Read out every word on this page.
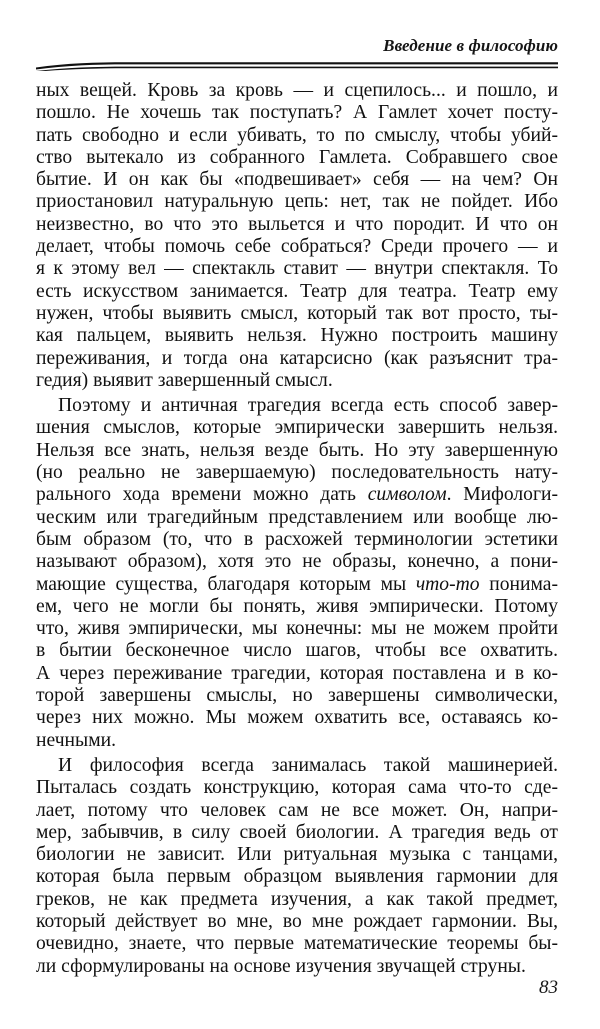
Введение в философию
ных вещей. Кровь за кровь — и сцепилось... и пошло, и
пошло. Не хочешь так поступать? А Гамлет хочет посту-
пать свободно и если убивать, то по смыслу, чтобы убий-
ство вытекало из собранного Гамлета. Собравшего свое
бытие. И он как бы «подвешивает» себя — на чем? Он
приостановил натуральную цепь: нет, так не пойдет. Ибо
неизвестно, во что это выльется и что породит. И что он
делает, чтобы помочь себе собраться? Среди прочего — и
я к этому вел — спектакль ставит — внутри спектакля. То
есть искусством занимается. Театр для театра. Театр ему
нужен, чтобы выявить смысл, который так вот просто, ты-
кая пальцем, выявить нельзя. Нужно построить машину
переживания, и тогда она катарсисно (как разъяснит тра-
гедия) выявит завершенный смысл.
Поэтому и античная трагедия всегда есть способ завер-
шения смыслов, которые эмпирически завершить нельзя.
Нельзя все знать, нельзя везде быть. Но эту завершенную
(но реально не завершаемую) последовательность нату-
рального хода времени можно дать символом. Мифологи-
ческим или трагедийным представлением или вообще лю-
бым образом (то, что в расхожей терминологии эстетики
называют образом), хотя это не образы, конечно, а пони-
мающие существа, благодаря которым мы что-то понима-
ем, чего не могли бы понять, живя эмпирически. Потому
что, живя эмпирически, мы конечны: мы не можем пройти
в бытии бесконечное число шагов, чтобы все охватить.
А через переживание трагедии, которая поставлена и в ко-
торой завершены смыслы, но завершены символически,
через них можно. Мы можем охватить все, оставаясь ко-
нечными.
И философия всегда занималась такой машинерией.
Пыталась создать конструкцию, которая сама что-то сде-
лает, потому что человек сам не все может. Он, напри-
мер, забывчив, в силу своей биологии. А трагедия ведь от
биологии не зависит. Или ритуальная музыка с танцами,
которая была первым образцом выявления гармонии для
греков, не как предмета изучения, а как такой предмет,
который действует во мне, во мне рождает гармонии. Вы,
очевидно, знаете, что первые математические теоремы бы-
ли сформулированы на основе изучения звучащей струны.
83
